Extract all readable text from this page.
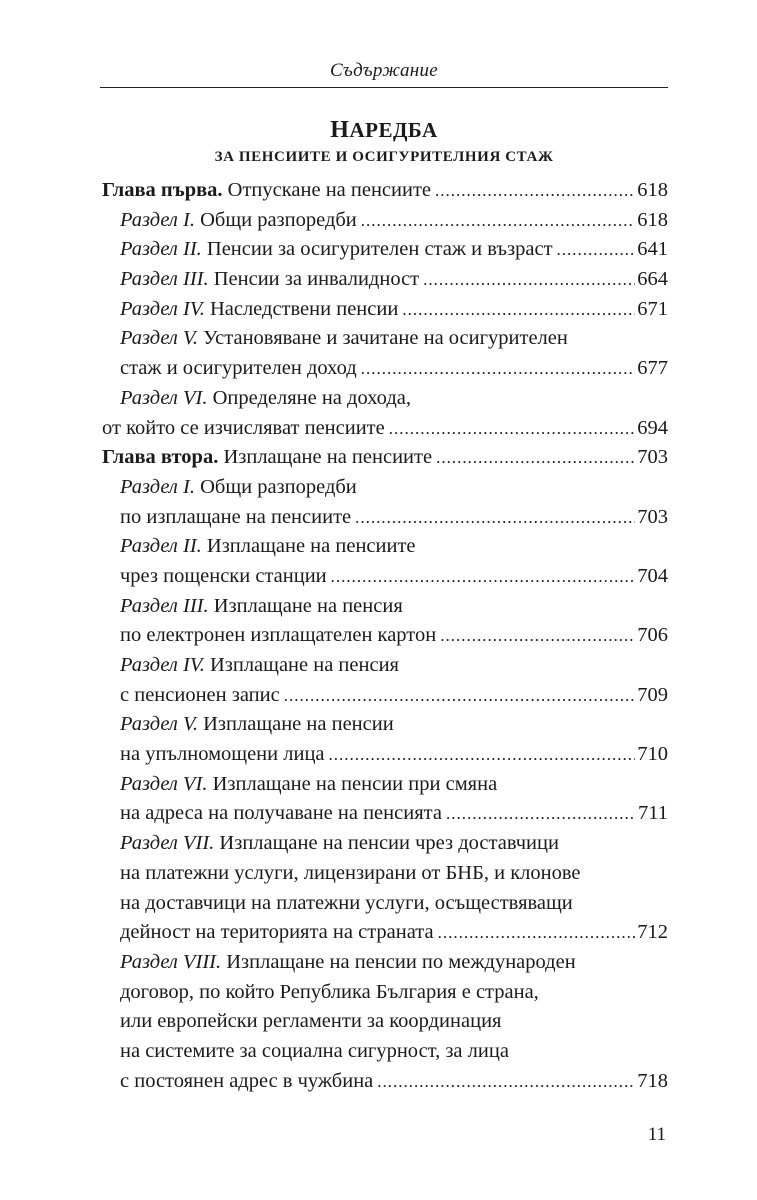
Съдържание
НАРЕДБА
ЗА ПЕНСИИТЕ И ОСИГУРИТЕЛНИЯ СТАЖ
Глава първа. Отпускане на пенсиите .....	618
Раздел I. Общи разпоредби .....	618
Раздел II. Пенсии за осигурителен стаж и възраст .....	641
Раздел III. Пенсии за инвалидност .....	664
Раздел IV. Наследствени пенсии .....	671
Раздел V. Установяване и зачитане на осигурителен
стаж и осигурителен доход .....	677
Раздел VI. Определяне на дохода,
от който се изчисляват пенсиите .....	694
Глава втора. Изплащане на пенсиите .....	703
Раздел I. Общи разпоредби
по изплащане на пенсиите .....	703
Раздел II. Изплащане на пенсиите
чрез пощенски станции .....	704
Раздел III. Изплащане на пенсия
по електронен изплащателен картон .....	706
Раздел IV. Изплащане на пенсия
с пенсионен запис .....	709
Раздел V. Изплащане на пенсии
на упълномощени лица .....	710
Раздел VI. Изплащане на пенсии при смяна
на адреса на получаване на пенсията .....	711
Раздел VII. Изплащане на пенсии чрез доставчици
на платежни услуги, лицензирани от БНБ, и клонове
на доставчици на платежни услуги, осъществяващи
дейност на територията на страната .....	712
Раздел VIII. Изплащане на пенсии по международен
договор, по който Република България е страна,
или европейски регламенти за координация
на системите за социална сигурност, за лица
с постоянен адрес в чужбина .....	718
11
